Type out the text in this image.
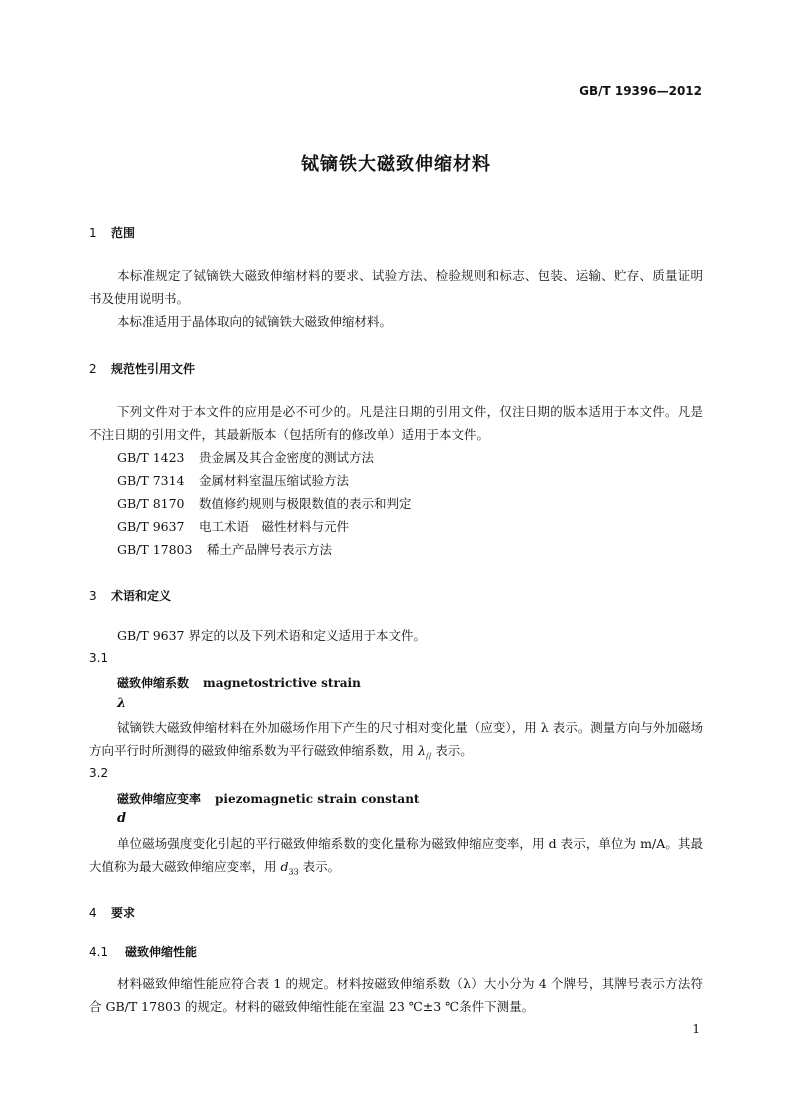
GB/T 19396—2012
铽镝铁大磁致伸缩材料
1 范围
本标准规定了铽镝铁大磁致伸缩材料的要求、试验方法、检验规则和标志、包装、运输、贮存、质量证明书及使用说明书。
本标准适用于晶体取向的铽镝铁大磁致伸缩材料。
2 规范性引用文件
下列文件对于本文件的应用是必不可少的。凡是注日期的引用文件，仅注日期的版本适用于本文件。凡是不注日期的引用文件，其最新版本（包括所有的修改单）适用于本文件。
GB/T 1423 贵金属及其合金密度的测试方法
GB/T 7314 金属材料室温压缩试验方法
GB/T 8170 数值修约规则与极限数值的表示和判定
GB/T 9637 电工术语　磁性材料与元件
GB/T 17803 稀土产品牌号表示方法
3 术语和定义
GB/T 9637 界定的以及下列术语和定义适用于本文件。
3.1
磁致伸缩系数 magnetostrictive strain
λ
铽镝铁大磁致伸缩材料在外加磁场作用下产生的尺寸相对变化量（应变），用 λ 表示。测量方向与外加磁场方向平行时所测得的磁致伸缩系数为平行磁致伸缩系数，用 $\lambda_{//}$ 表示。
3.2
磁致伸缩应变率 piezomagnetic strain constant
d
单位磁场强度变化引起的平行磁致伸缩系数的变化量称为磁致伸缩应变率，用 d 表示，单位为 m/A。其最大值称为最大磁致伸缩应变率，用 $d_{33}$ 表示。
4 要求
4.1 磁致伸缩性能
材料磁致伸缩性能应符合表 1 的规定。材料按磁致伸缩系数（λ）大小分为 4 个牌号，其牌号表示方法符合 GB/T 17803 的规定。材料的磁致伸缩性能在室温 23 ℃±3 ℃条件下测量。
1
